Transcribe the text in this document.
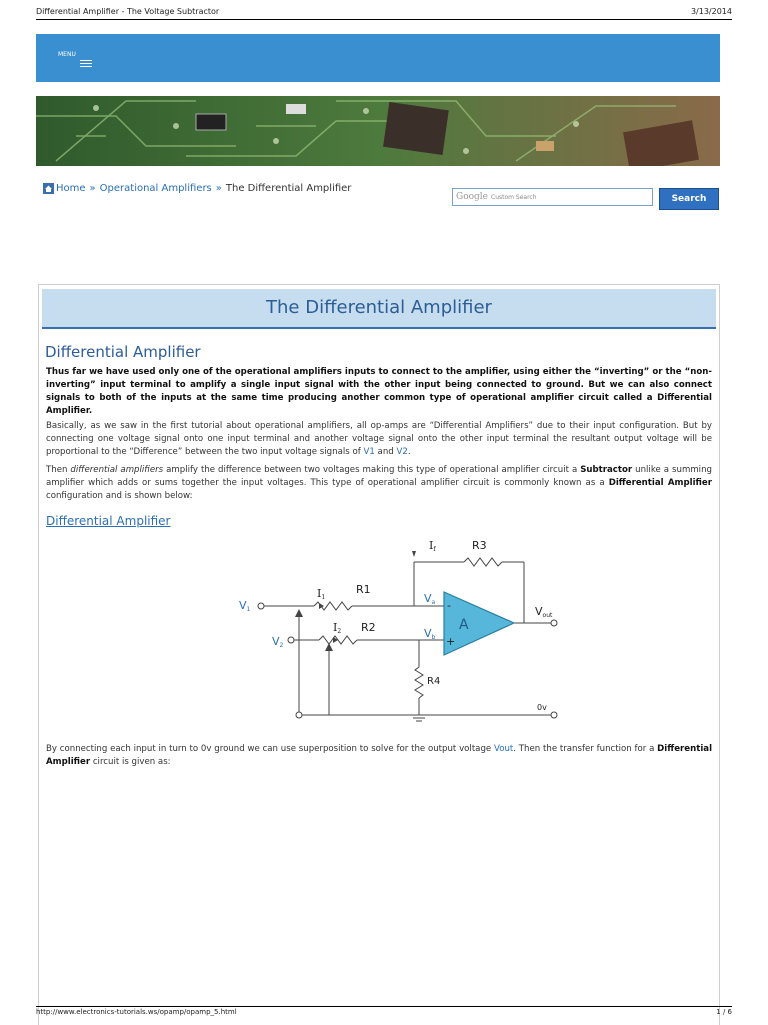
Differential Amplifier - The Voltage Subtractor	3/13/2014
MENU
Home » Operational Amplifiers » The Differential Amplifier
Google Custom Search	Search
The Differential Amplifier
Differential Amplifier
Thus far we have used only one of the operational amplifiers inputs to connect to the amplifier, using either the “inverting” or the “non-inverting” input terminal to amplify a single input signal with the other input being connected to ground. But we can also connect signals to both of the inputs at the same time producing another common type of operational amplifier circuit called a Differential Amplifier.
Basically, as we saw in the first tutorial about operational amplifiers, all op-amps are “Differential Amplifiers” due to their input configuration. But by connecting one voltage signal onto one input terminal and another voltage signal onto the other input terminal the resultant output voltage will be proportional to the “Difference” between the two input voltage signals of V1 and V2.
Then differential amplifiers amplify the difference between two voltages making this type of operational amplifier circuit a Subtractor unlike a summing amplifier which adds or sums together the input voltages. This type of operational amplifier circuit is commonly known as a Differential Amplifier configuration and is shown below:
Differential Amplifier
V1
V2
I1
I2
If
R1
R2
R3
R4
Va
Vb
A
-
+
Vout
0v
By connecting each input in turn to 0v ground we can use superposition to solve for the output voltage Vout. Then the transfer function for a Differential Amplifier circuit is given as:
http://www.electronics-tutorials.ws/opamp/opamp_5.html	1 / 6
